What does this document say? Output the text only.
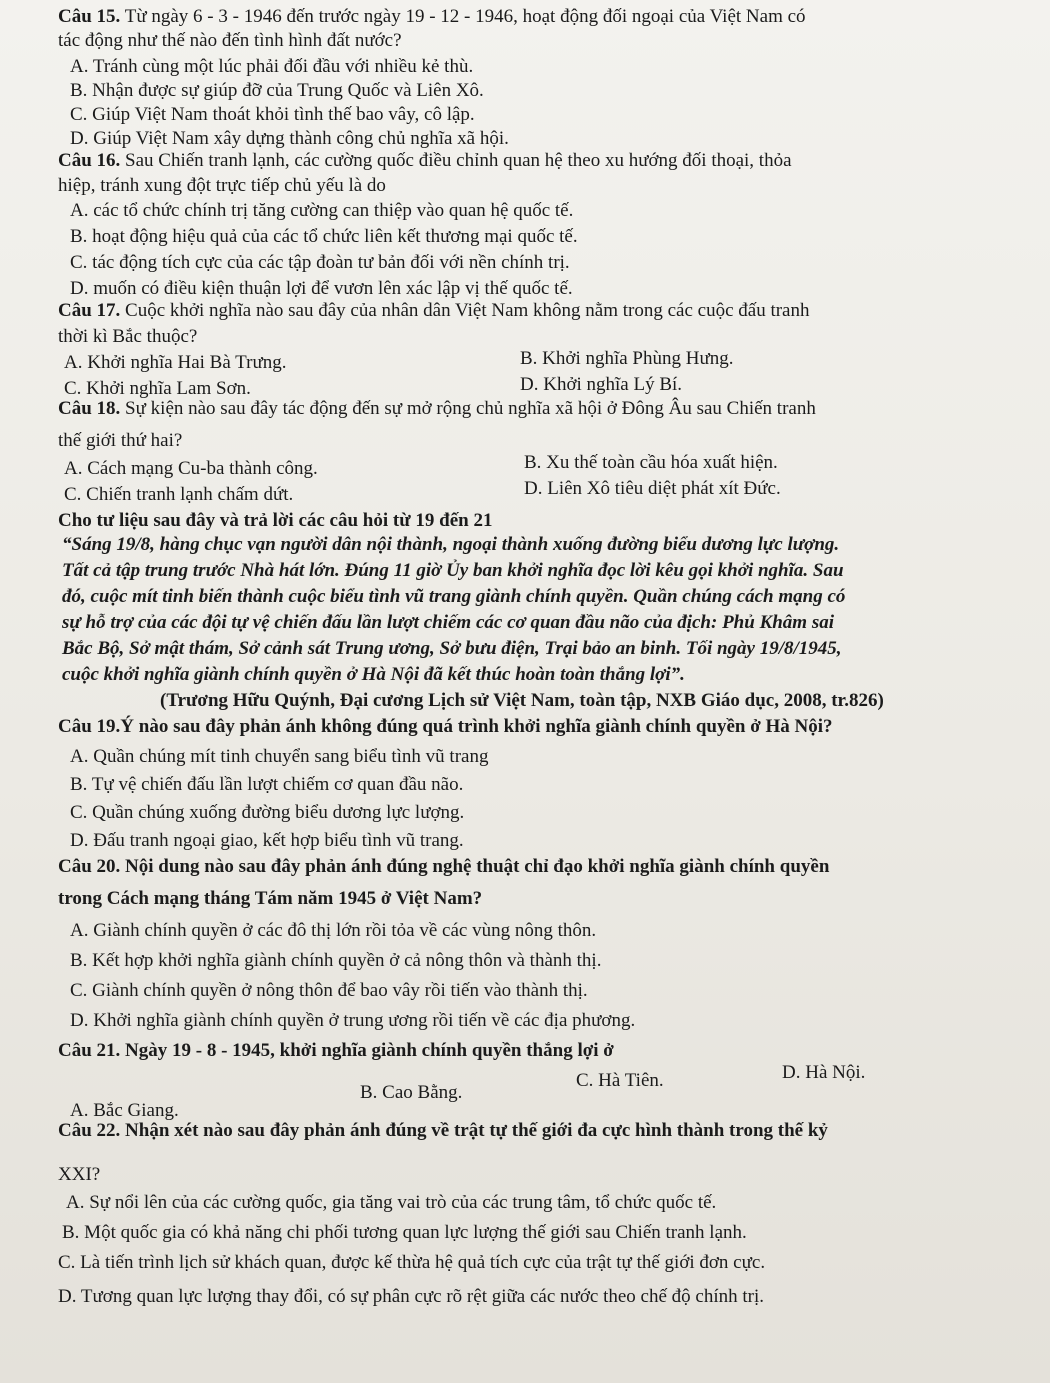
Câu 15. Từ ngày 6 - 3 - 1946 đến trước ngày 19 - 12 - 1946, hoạt động đối ngoại của Việt Nam có
tác động như thế nào đến tình hình đất nước?
A. Tránh cùng một lúc phải đối đầu với nhiều kẻ thù.
B. Nhận được sự giúp đỡ của Trung Quốc và Liên Xô.
C. Giúp Việt Nam thoát khỏi tình thế bao vây, cô lập.
D. Giúp Việt Nam xây dựng thành công chủ nghĩa xã hội.
Câu 16. Sau Chiến tranh lạnh, các cường quốc điều chỉnh quan hệ theo xu hướng đối thoại, thỏa
hiệp, tránh xung đột trực tiếp chủ yếu là do
A. các tổ chức chính trị tăng cường can thiệp vào quan hệ quốc tế.
B. hoạt động hiệu quả của các tổ chức liên kết thương mại quốc tế.
C. tác động tích cực của các tập đoàn tư bản đối với nền chính trị.
D. muốn có điều kiện thuận lợi để vươn lên xác lập vị thế quốc tế.
Câu 17. Cuộc khởi nghĩa nào sau đây của nhân dân Việt Nam không nằm trong các cuộc đấu tranh
thời kì Bắc thuộc?
A. Khởi nghĩa Hai Bà Trưng.	B. Khởi nghĩa Phùng Hưng.
C. Khởi nghĩa Lam Sơn.	D. Khởi nghĩa Lý Bí.
Câu 18. Sự kiện nào sau đây tác động đến sự mở rộng chủ nghĩa xã hội ở Đông Âu sau Chiến tranh
thế giới thứ hai?
A. Cách mạng Cu-ba thành công.	B. Xu thế toàn cầu hóa xuất hiện.
C. Chiến tranh lạnh chấm dứt.	D. Liên Xô tiêu diệt phát xít Đức.
Cho tư liệu sau đây và trả lời các câu hỏi từ 19 đến 21
“Sáng 19/8, hàng chục vạn người dân nội thành, ngoại thành xuống đường biểu dương lực lượng.
Tất cả tập trung trước Nhà hát lớn. Đúng 11 giờ Ủy ban khởi nghĩa đọc lời kêu gọi khởi nghĩa. Sau
đó, cuộc mít tinh biến thành cuộc biểu tình vũ trang giành chính quyền. Quần chúng cách mạng có
sự hỗ trợ của các đội tự vệ chiến đấu lần lượt chiếm các cơ quan đầu não của địch: Phủ Khâm sai
Bắc Bộ, Sở mật thám, Sở cảnh sát Trung ương, Sở bưu điện, Trại bảo an binh. Tối ngày 19/8/1945,
cuộc khởi nghĩa giành chính quyền ở Hà Nội đã kết thúc hoàn toàn thắng lợi”.
(Trương Hữu Quýnh, Đại cương Lịch sử Việt Nam, toàn tập, NXB Giáo dục, 2008, tr.826)
Câu 19.Ý nào sau đây phản ánh không đúng quá trình khởi nghĩa giành chính quyền ở Hà Nội?
A. Quần chúng mít tinh chuyển sang biểu tình vũ trang
B. Tự vệ chiến đấu lần lượt chiếm cơ quan đầu não.
C. Quần chúng xuống đường biểu dương lực lượng.
D. Đấu tranh ngoại giao, kết hợp biểu tình vũ trang.
Câu 20. Nội dung nào sau đây phản ánh đúng nghệ thuật chỉ đạo khởi nghĩa giành chính quyền
trong Cách mạng tháng Tám năm 1945 ở Việt Nam?
A. Giành chính quyền ở các đô thị lớn rồi tỏa về các vùng nông thôn.
B. Kết hợp khởi nghĩa giành chính quyền ở cả nông thôn và thành thị.
C. Giành chính quyền ở nông thôn để bao vây rồi tiến vào thành thị.
D. Khởi nghĩa giành chính quyền ở trung ương rồi tiến về các địa phương.
Câu 21. Ngày 19 - 8 - 1945, khởi nghĩa giành chính quyền thắng lợi ở
A. Bắc Giang.
B. Cao Bằng.
C. Hà Tiên.	D. Hà Nội.
Câu 22. Nhận xét nào sau đây phản ánh đúng về trật tự thế giới đa cực hình thành trong thế kỷ
XXI?
A. Sự nổi lên của các cường quốc, gia tăng vai trò của các trung tâm, tổ chức quốc tế.
B. Một quốc gia có khả năng chi phối tương quan lực lượng thế giới sau Chiến tranh lạnh.
C. Là tiến trình lịch sử khách quan, được kế thừa hệ quả tích cực của trật tự thế giới đơn cực.
D. Tương quan lực lượng thay đổi, có sự phân cực rõ rệt giữa các nước theo chế độ chính trị.
